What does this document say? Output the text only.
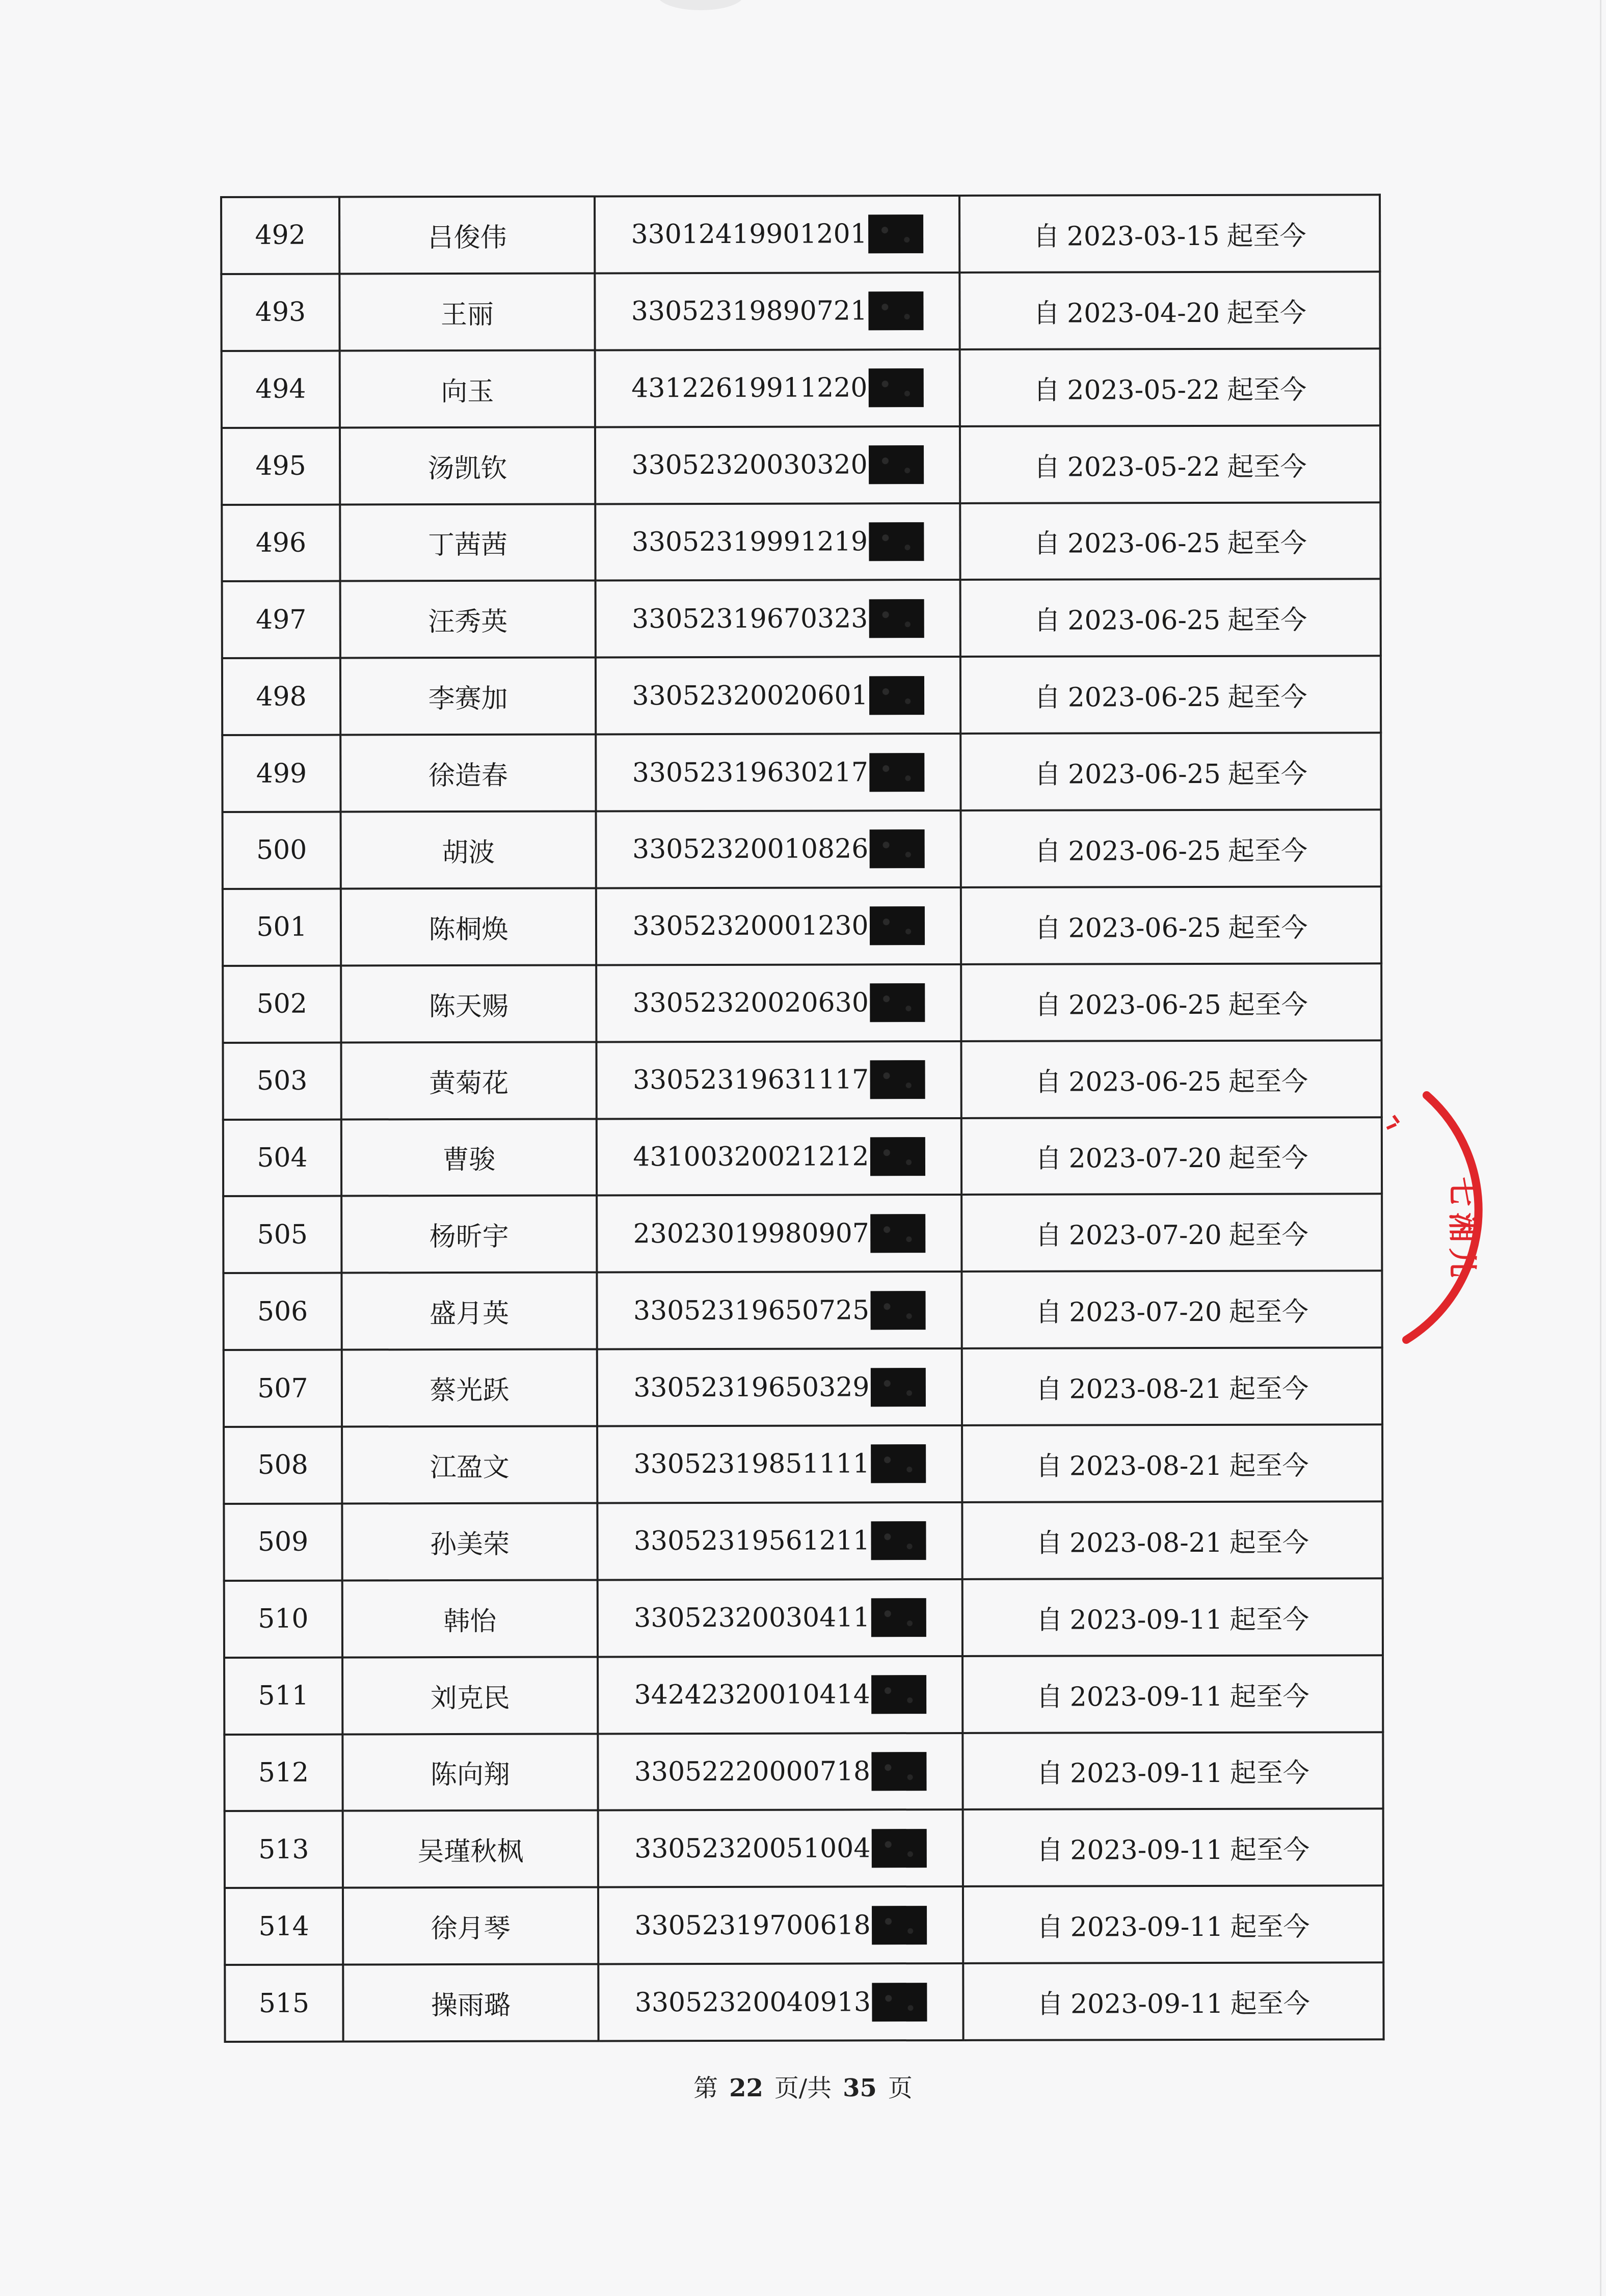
492	吕俊伟	33012419901201	自 2023-03-15 起至今
493	王丽	33052319890721	自 2023-04-20 起至今
494	向玉	43122619911220	自 2023-05-22 起至今
495	汤凯钦	33052320030320	自 2023-05-22 起至今
496	丁茜茜	33052319991219	自 2023-06-25 起至今
497	汪秀英	33052319670323	自 2023-06-25 起至今
498	李赛加	33052320020601	自 2023-06-25 起至今
499	徐造春	33052319630217	自 2023-06-25 起至今
500	胡波	33052320010826	自 2023-06-25 起至今
501	陈桐焕	33052320001230	自 2023-06-25 起至今
502	陈天赐	33052320020630	自 2023-06-25 起至今
503	黄菊花	33052319631117	自 2023-06-25 起至今
504	曹骏	43100320021212	自 2023-07-20 起至今
505	杨昕宇	23023019980907	自 2023-07-20 起至今
506	盛月英	33052319650725	自 2023-07-20 起至今
507	蔡光跃	33052319650329	自 2023-08-21 起至今
508	江盈文	33052319851111	自 2023-08-21 起至今
509	孙美荣	33052319561211	自 2023-08-21 起至今
510	韩怡	33052320030411	自 2023-09-11 起至今
511	刘克民	34242320010414	自 2023-09-11 起至今
512	陈向翔	33052220000718	自 2023-09-11 起至今
513	吴瑾秋枫	33052320051004	自 2023-09-11 起至今
514	徐月琴	33052319700618	自 2023-09-11 起至今
515	操雨璐	33052320040913	自 2023-09-11 起至今
第 22 页/共 35 页
七
湘
儿
